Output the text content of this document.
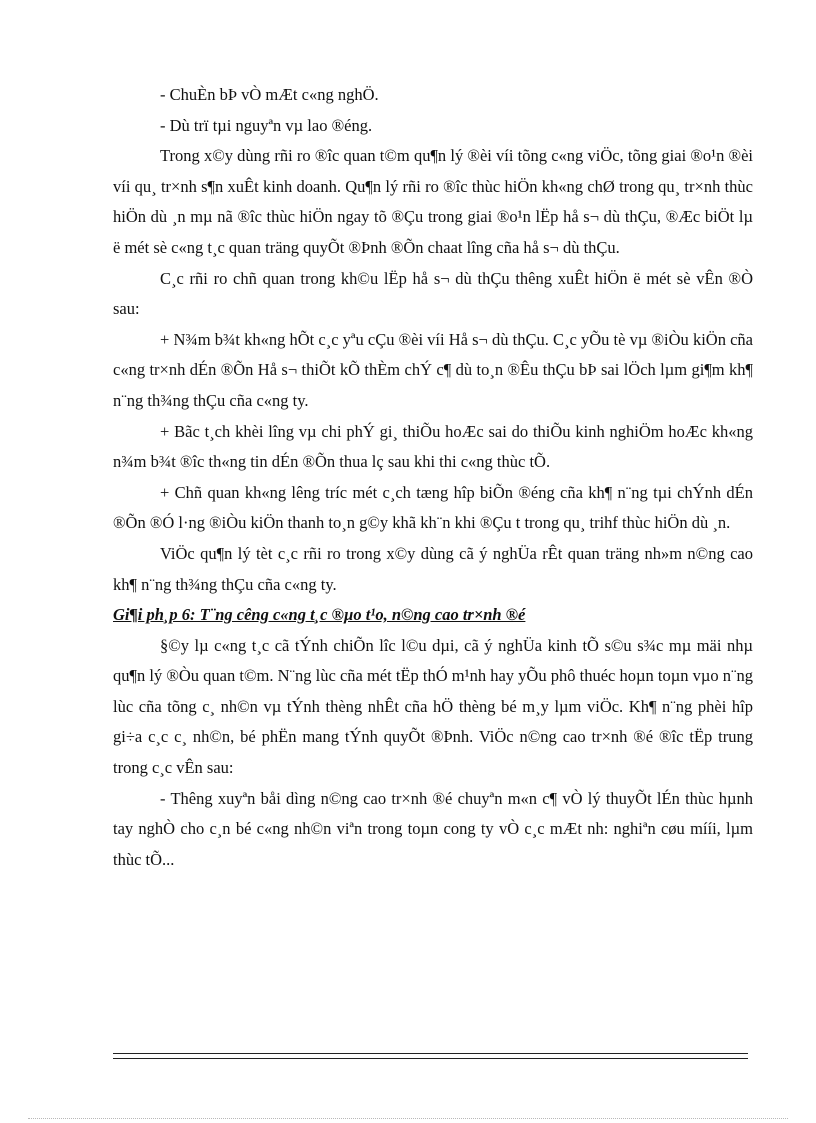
- ChuÈn bÞ vÒ mÆt c«ng nghÖ.

- Dù trï tµi nguyªn vµ lao ®éng.

Trong x©y dùng rñi ro ®îc quan t©m qu¶n lý ®èi víi tõng c«ng viÖc, tõng giai ®o¹n ®èi víi qu¸ tr×nh s¶n xuÊt kinh doanh. Qu¶n lý rñi ro ®îc thùc hiÖn kh«ng chØ trong qu¸ tr×nh thùc hiÖn dù ¸n mµ nã ®îc thùc hiÖn ngay tõ ®Çu trong giai ®o¹n lËp hå s¬ dù thÇu, ®Æc biÖt lµ ë mét sè c«ng t¸c quan träng quyÕt ®Þnh ®Õn chaat lîng cña hå s¬ dù thÇu.

C¸c rñi ro chñ quan trong kh©u lËp hå s¬ dù thÇu thêng xuÊt hiÖn ë mét sè vÊn ®Ò sau:

+ N¾m b¾t kh«ng hÕt c¸c yªu cÇu ®èi víi Hå s¬ dù thÇu. C¸c yÕu tè vµ ®iÒu kiÖn cña c«ng tr×nh dÉn ®Õn Hå s¬ thiÕt kÕ thÈm chÝ c¶ dù to¸n ®Êu thÇu bÞ sai lÖch lµm gi¶m kh¶ n¨ng th¾ng thÇu cña c«ng ty.

+ Bãc t¸ch khèi lîng vµ chi phÝ gi¸ thiÕu hoÆc sai do thiÕu kinh nghiÖm hoÆc kh«ng n¾m b¾t ®îc th«ng tin dÉn ®Õn thua lç sau khi thi c«ng thùc tÕ.

+ Chñ quan kh«ng lêng tríc mét c¸ch tæng hîp biÕn ®éng cña kh¶ n¨ng tµi chÝnh dÉn ®Õn ®Ó l·ng ®iÒu kiÖn thanh to¸n g©y khã kh¨n khi ®Çu t trong qu¸ trihf thùc hiÖn dù ¸n.

ViÖc qu¶n lý tèt c¸c rñi ro trong x©y dùng cã ý nghÜa rÊt quan träng nh»m n©ng cao kh¶ n¨ng th¾ng thÇu cña c«ng ty.

Gi¶i ph¸p 6: T¨ng cêng c«ng t¸c ®µo t¹o, n©ng cao tr×nh ®é

§©y lµ c«ng t¸c cã tÝnh chiÕn lîc l©u dµi, cã ý nghÜa kinh tÕ s©u s¾c mµ mäi nhµ qu¶n lý ®Òu quan t©m. N¨ng lùc cña mét tËp thÓ m¹nh hay yÕu phô thuéc hoµn toµn vµo n¨ng lùc cña tõng c¸ nh©n vµ tÝnh thèng nhÊt cña hÖ thèng bé m¸y lµm viÖc. Kh¶ n¨ng phèi hîp gi÷a c¸c c¸ nh©n, bé phËn mang tÝnh quyÕt ®Þnh. ViÖc n©ng cao tr×nh ®é ®îc tËp trung trong c¸c vÊn sau:

- Thêng xuyªn båi dìng n©ng cao tr×nh ®é chuyªn m«n c¶ vÒ lý thuyÕt lÉn thùc hµnh tay nghÒ cho c¸n bé c«ng nh©n viªn trong toµn cong ty vÒ c¸c mÆt nh: nghiªn cøu mííi, lµm thùc tÕ...
